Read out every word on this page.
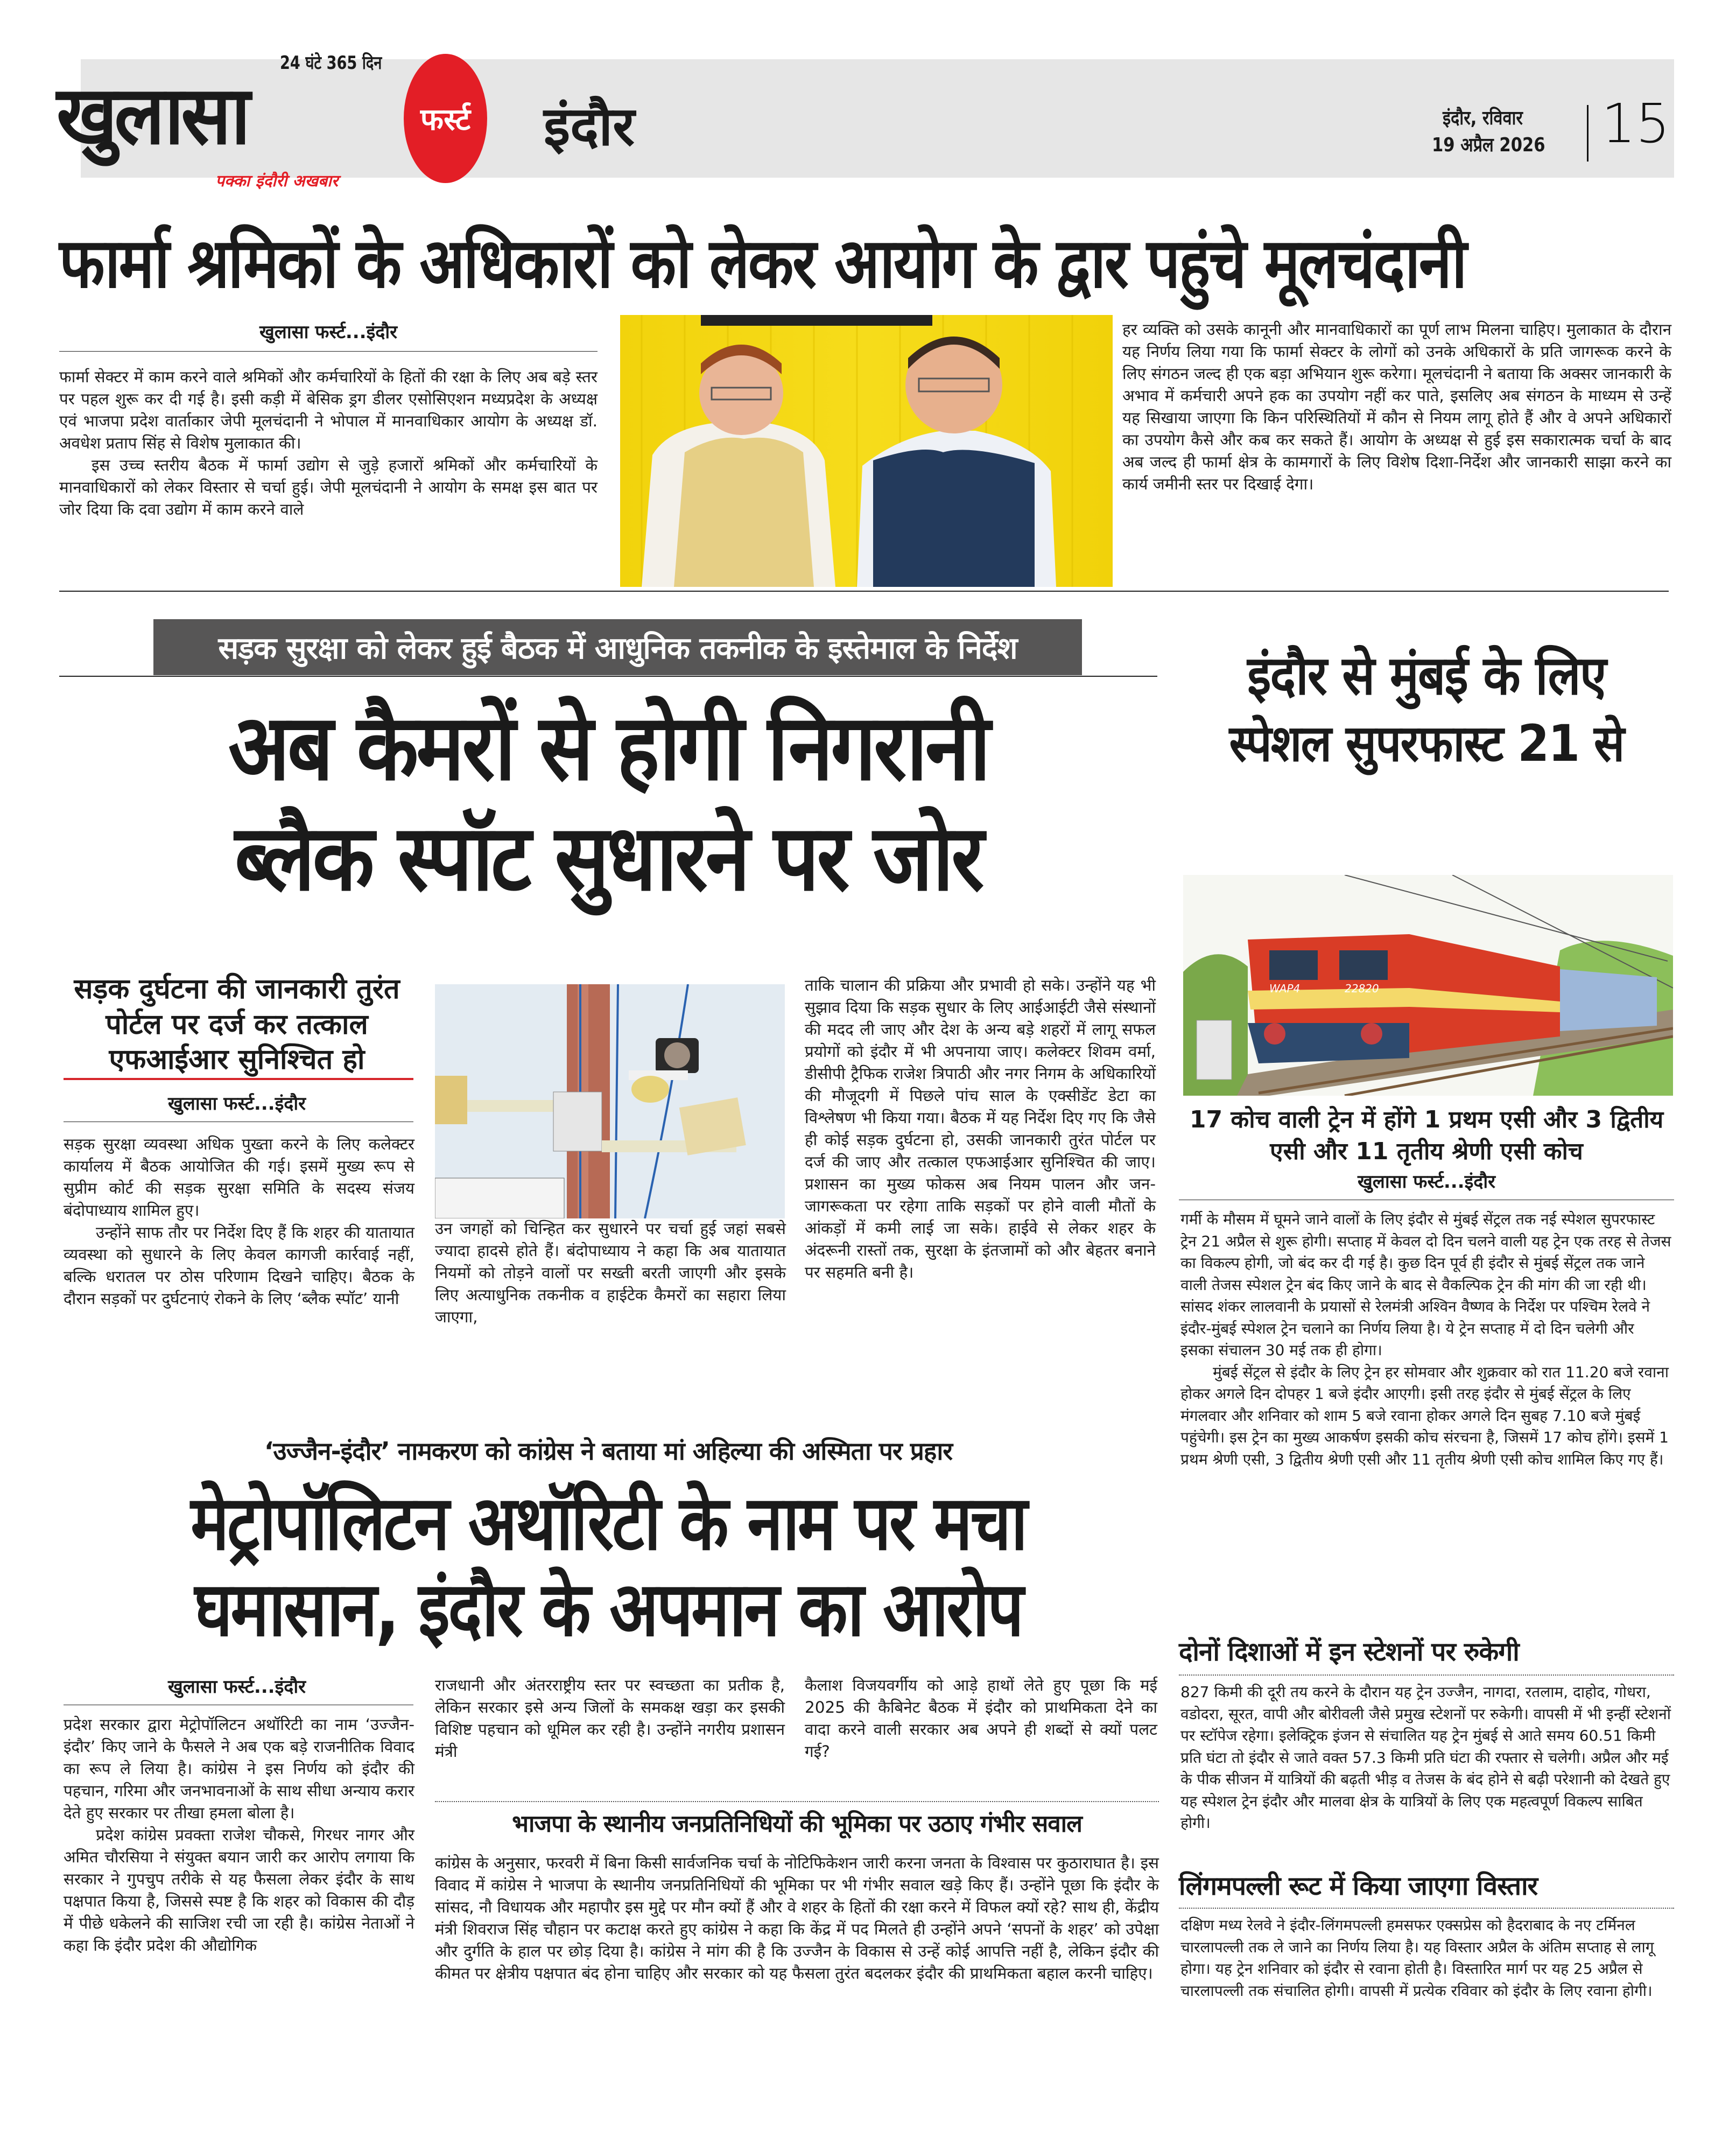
24 घंटे 365 दिन
खुलासा
पक्का इंदौरी अखबार
फर्स्ट इंदौर	इंदौर, रविवार
19 अप्रैल 2026 15
फार्मा श्रमिकों के अधिकारों को लेकर आयोग के द्वार पहुंचे मूलचंदानी
खुलासा फर्स्ट...इंदौर

फार्मा सेक्टर में काम करने वाले श्रमिकों और कर्मचारियों के हितों की रक्षा के लिए अब बड़े स्तर पर पहल शुरू कर दी गई है। इसी कड़ी में बेसिक ड्रग डीलर एसोसिएशन मध्यप्रदेश के अध्यक्ष एवं भाजपा प्रदेश वार्ताकार जेपी मूलचंदानी ने भोपाल में मानवाधिकार आयोग के अध्यक्ष डॉ. अवधेश प्रताप सिंह से विशेष मुलाकात की।

इस उच्च स्तरीय बैठक में फार्मा उद्योग से जुड़े हजारों श्रमिकों और कर्मचारियों के मानवाधिकारों को लेकर विस्तार से चर्चा हुई। जेपी मूलचंदानी ने आयोग के समक्ष इस बात पर जोर दिया कि दवा उद्योग में काम करने वाले

हर व्यक्ति को उसके कानूनी और मानवाधिकारों का पूर्ण लाभ मिलना चाहिए। मुलाकात के दौरान यह निर्णय लिया गया कि फार्मा सेक्टर के लोगों को उनके अधिकारों के प्रति जागरूक करने के लिए संगठन जल्द ही एक बड़ा अभियान शुरू करेगा। मूलचंदानी ने बताया कि अक्सर जानकारी के अभाव में कर्मचारी अपने हक का उपयोग नहीं कर पाते, इसलिए अब संगठन के माध्यम से उन्हें यह सिखाया जाएगा कि किन परिस्थितियों में कौन से नियम लागू होते हैं और वे अपने अधिकारों का उपयोग कैसे और कब कर सकते हैं। आयोग के अध्यक्ष से हुई इस सकारात्मक चर्चा के बाद अब जल्द ही फार्मा क्षेत्र के कामगारों के लिए विशेष दिशा-निर्देश और जानकारी साझा करने का कार्य जमीनी स्तर पर दिखाई देगा।

सड़क सुरक्षा को लेकर हुई बैठक में आधुनिक तकनीक के इस्तेमाल के निर्देश
अब कैमरों से होगी निगरानी
ब्लैक स्पॉट सुधारने पर जोर
सड़क दुर्घटना की जानकारी तुरंत पोर्टल पर दर्ज कर तत्काल एफआईआर सुनिश्चित हो
खुलासा फर्स्ट...इंदौर

सड़क सुरक्षा व्यवस्था अधिक पुख्ता करने के लिए कलेक्टर कार्यालय में बैठक आयोजित की गई। इसमें मुख्य रूप से सुप्रीम कोर्ट की सड़क सुरक्षा समिति के सदस्य संजय बंदोपाध्याय शामिल हुए।

उन्होंने साफ तौर पर निर्देश दिए हैं कि शहर की यातायात व्यवस्था को सुधारने के लिए केवल कागजी कार्रवाई नहीं, बल्कि धरातल पर ठोस परिणाम दिखने चाहिए। बैठक के दौरान सड़कों पर दुर्घटनाएं रोकने के लिए ‘ब्लैक स्पॉट’ यानी

उन जगहों को चिन्हित कर सुधारने पर चर्चा हुई जहां सबसे ज्यादा हादसे होते हैं। बंदोपाध्याय ने कहा कि अब यातायात नियमों को तोड़ने वालों पर सख्ती बरती जाएगी और इसके लिए अत्याधुनिक तकनीक व हाईटेक कैमरों का सहारा लिया जाएगा,

ताकि चालान की प्रक्रिया और प्रभावी हो सके। उन्होंने यह भी सुझाव दिया कि सड़क सुधार के लिए आईआईटी जैसे संस्थानों की मदद ली जाए और देश के अन्य बड़े शहरों में लागू सफल प्रयोगों को इंदौर में भी अपनाया जाए। कलेक्टर शिवम वर्मा, डीसीपी ट्रैफिक राजेश त्रिपाठी और नगर निगम के अधिकारियों की मौजूदगी में पिछले पांच साल के एक्सीडेंट डेटा का विश्लेषण भी किया गया। बैठक में यह निर्देश दिए गए कि जैसे ही कोई सड़क दुर्घटना हो, उसकी जानकारी तुरंत पोर्टल पर दर्ज की जाए और तत्काल एफआईआर सुनिश्चित की जाए। प्रशासन का मुख्य फोकस अब नियम पालन और जन-जागरूकता पर रहेगा ताकि सड़कों पर होने वाली मौतों के आंकड़ों में कमी लाई जा सके। हाईवे से लेकर शहर के अंदरूनी रास्तों तक, सुरक्षा के इंतजामों को और बेहतर बनाने पर सहमति बनी है।

इंदौर से मुंबई के लिए
स्पेशल सुपरफास्ट 21 से
WAP4	22820
17 कोच वाली ट्रेन में होंगे 1 प्रथम एसी और 3 द्वितीय एसी और 11 तृतीय श्रेणी एसी कोच
खुलासा फर्स्ट...इंदौर

गर्मी के मौसम में घूमने जाने वालों के लिए इंदौर से मुंबई सेंट्रल तक नई स्पेशल सुपरफास्ट ट्रेन 21 अप्रैल से शुरू होगी। सप्ताह में केवल दो दिन चलने वाली यह ट्रेन एक तरह से तेजस का विकल्प होगी, जो बंद कर दी गई है। कुछ दिन पूर्व ही इंदौर से मुंबई सेंट्रल तक जाने वाली तेजस स्पेशल ट्रेन बंद किए जाने के बाद से वैकल्पिक ट्रेन की मांग की जा रही थी। सांसद शंकर लालवानी के प्रयासों से रेलमंत्री अश्विन वैष्णव के निर्देश पर पश्चिम रेलवे ने इंदौर-मुंबई स्पेशल ट्रेन चलाने का निर्णय लिया है। ये ट्रेन सप्ताह में दो दिन चलेगी और इसका संचालन 30 मई तक ही होगा।

मुंबई सेंट्रल से इंदौर के लिए ट्रेन हर सोमवार और शुक्रवार को रात 11.20 बजे रवाना होकर अगले दिन दोपहर 1 बजे इंदौर आएगी। इसी तरह इंदौर से मुंबई सेंट्रल के लिए मंगलवार और शनिवार को शाम 5 बजे रवाना होकर अगले दिन सुबह 7.10 बजे मुंबई पहुंचेगी। इस ट्रेन का मुख्य आकर्षण इसकी कोच संरचना है, जिसमें 17 कोच होंगे। इसमें 1 प्रथम श्रेणी एसी, 3 द्वितीय श्रेणी एसी और 11 तृतीय श्रेणी एसी कोच शामिल किए गए हैं।

दोनों दिशाओं में इन स्टेशनों पर रुकेगी

827 किमी की दूरी तय करने के दौरान यह ट्रेन उज्जैन, नागदा, रतलाम, दाहोद, गोधरा, वडोदरा, सूरत, वापी और बोरीवली जैसे प्रमुख स्टेशनों पर रुकेगी। वापसी में भी इन्हीं स्टेशनों पर स्टॉपेज रहेगा। इलेक्ट्रिक इंजन से संचालित यह ट्रेन मुंबई से आते समय 60.51 किमी प्रति घंटा तो इंदौर से जाते वक्त 57.3 किमी प्रति घंटा की रफ्तार से चलेगी। अप्रैल और मई के पीक सीजन में यात्रियों की बढ़ती भीड़ व तेजस के बंद होने से बढ़ी परेशानी को देखते हुए यह स्पेशल ट्रेन इंदौर और मालवा क्षेत्र के यात्रियों के लिए एक महत्वपूर्ण विकल्प साबित होगी।

लिंगमपल्ली रूट में किया जाएगा विस्तार

दक्षिण मध्य रेलवे ने इंदौर-लिंगमपल्ली हमसफर एक्सप्रेस को हैदराबाद के नए टर्मिनल चारलापल्ली तक ले जाने का निर्णय लिया है। यह विस्तार अप्रैल के अंतिम सप्ताह से लागू होगा। यह ट्रेन शनिवार को इंदौर से रवाना होती है। विस्तारित मार्ग पर यह 25 अप्रैल से चारलापल्ली तक संचालित होगी। वापसी में प्रत्येक रविवार को इंदौर के लिए रवाना होगी।

‘उज्जैन-इंदौर’ नामकरण को कांग्रेस ने बताया मां अहिल्या की अस्मिता पर प्रहार
मेट्रोपॉलिटन अथॉरिटी के नाम पर मचा
घमासान, इंदौर के अपमान का आरोप
खुलासा फर्स्ट...इंदौर

प्रदेश सरकार द्वारा मेट्रोपॉलिटन अथॉरिटी का नाम ‘उज्जैन-इंदौर’ किए जाने के फैसले ने अब एक बड़े राजनीतिक विवाद का रूप ले लिया है। कांग्रेस ने इस निर्णय को इंदौर की पहचान, गरिमा और जनभावनाओं के साथ सीधा अन्याय करार देते हुए सरकार पर तीखा हमला बोला है।

प्रदेश कांग्रेस प्रवक्ता राजेश चौकसे, गिरधर नागर और अमित चौरसिया ने संयुक्त बयान जारी कर आरोप लगाया कि सरकार ने गुपचुप तरीके से यह फैसला लेकर इंदौर के साथ पक्षपात किया है, जिससे स्पष्ट है कि शहर को विकास की दौड़ में पीछे धकेलने की साजिश रची जा रही है। कांग्रेस नेताओं ने कहा कि इंदौर प्रदेश की औद्योगिक

राजधानी और अंतरराष्ट्रीय स्तर पर स्वच्छता का प्रतीक है, लेकिन सरकार इसे अन्य जिलों के समकक्ष खड़ा कर इसकी विशिष्ट पहचान को धूमिल कर रही है। उन्होंने नगरीय प्रशासन मंत्री

कैलाश विजयवर्गीय को आड़े हाथों लेते हुए पूछा कि मई 2025 की कैबिनेट बैठक में इंदौर को प्राथमिकता देने का वादा करने वाली सरकार अब अपने ही शब्दों से क्यों पलट गई?

भाजपा के स्थानीय जनप्रतिनिधियों की भूमिका पर उठाए गंभीर सवाल

कांग्रेस के अनुसार, फरवरी में बिना किसी सार्वजनिक चर्चा के नोटिफिकेशन जारी करना जनता के विश्वास पर कुठाराघात है। इस विवाद में कांग्रेस ने भाजपा के स्थानीय जनप्रतिनिधियों की भूमिका पर भी गंभीर सवाल खड़े किए हैं। उन्होंने पूछा कि इंदौर के सांसद, नौ विधायक और महापौर इस मुद्दे पर मौन क्यों हैं और वे शहर के हितों की रक्षा करने में विफल क्यों रहे? साथ ही, केंद्रीय मंत्री शिवराज सिंह चौहान पर कटाक्ष करते हुए कांग्रेस ने कहा कि केंद्र में पद मिलते ही उन्होंने अपने ‘सपनों के शहर’ को उपेक्षा और दुर्गति के हाल पर छोड़ दिया है। कांग्रेस ने मांग की है कि उज्जैन के विकास से उन्हें कोई आपत्ति नहीं है, लेकिन इंदौर की कीमत पर क्षेत्रीय पक्षपात बंद होना चाहिए और सरकार को यह फैसला तुरंत बदलकर इंदौर की प्राथमिकता बहाल करनी चाहिए।
